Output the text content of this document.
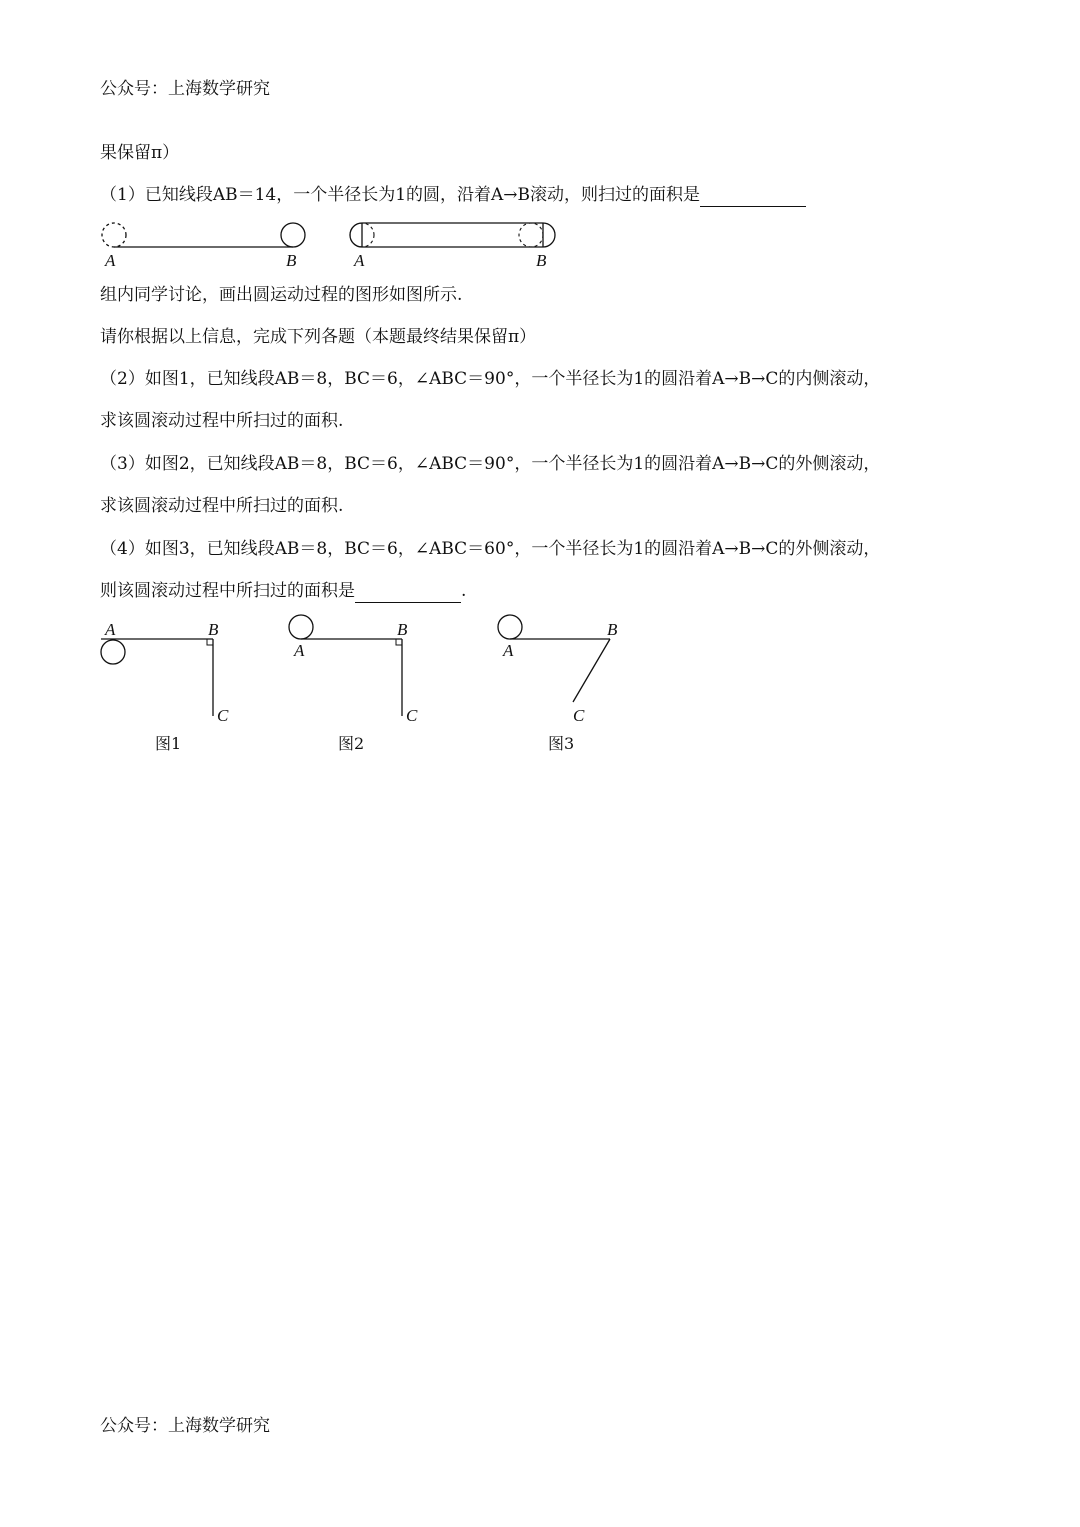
公众号：上海数学研究
果保留π）
（1）已知线段AB＝14，一个半径长为1的圆，沿着A→B滚动，则扫过的面积是
A	B	A	B
组内同学讨论，画出圆运动过程的图形如图所示.
请你根据以上信息，完成下列各题（本题最终结果保留π）
（2）如图1，已知线段AB＝8，BC＝6，∠ABC＝90°，一个半径长为1的圆沿着A→B→C的内侧滚动，
求该圆滚动过程中所扫过的面积.
（3）如图2，已知线段AB＝8，BC＝6，∠ABC＝90°，一个半径长为1的圆沿着A→B→C的外侧滚动，
求该圆滚动过程中所扫过的面积.
（4）如图3，已知线段AB＝8，BC＝6，∠ABC＝60°，一个半径长为1的圆沿着A→B→C的外侧滚动，
则该圆滚动过程中所扫过的面积是	.
A	B
C
图1
A
B
C
图2
A
B
C
图3
公众号：上海数学研究
